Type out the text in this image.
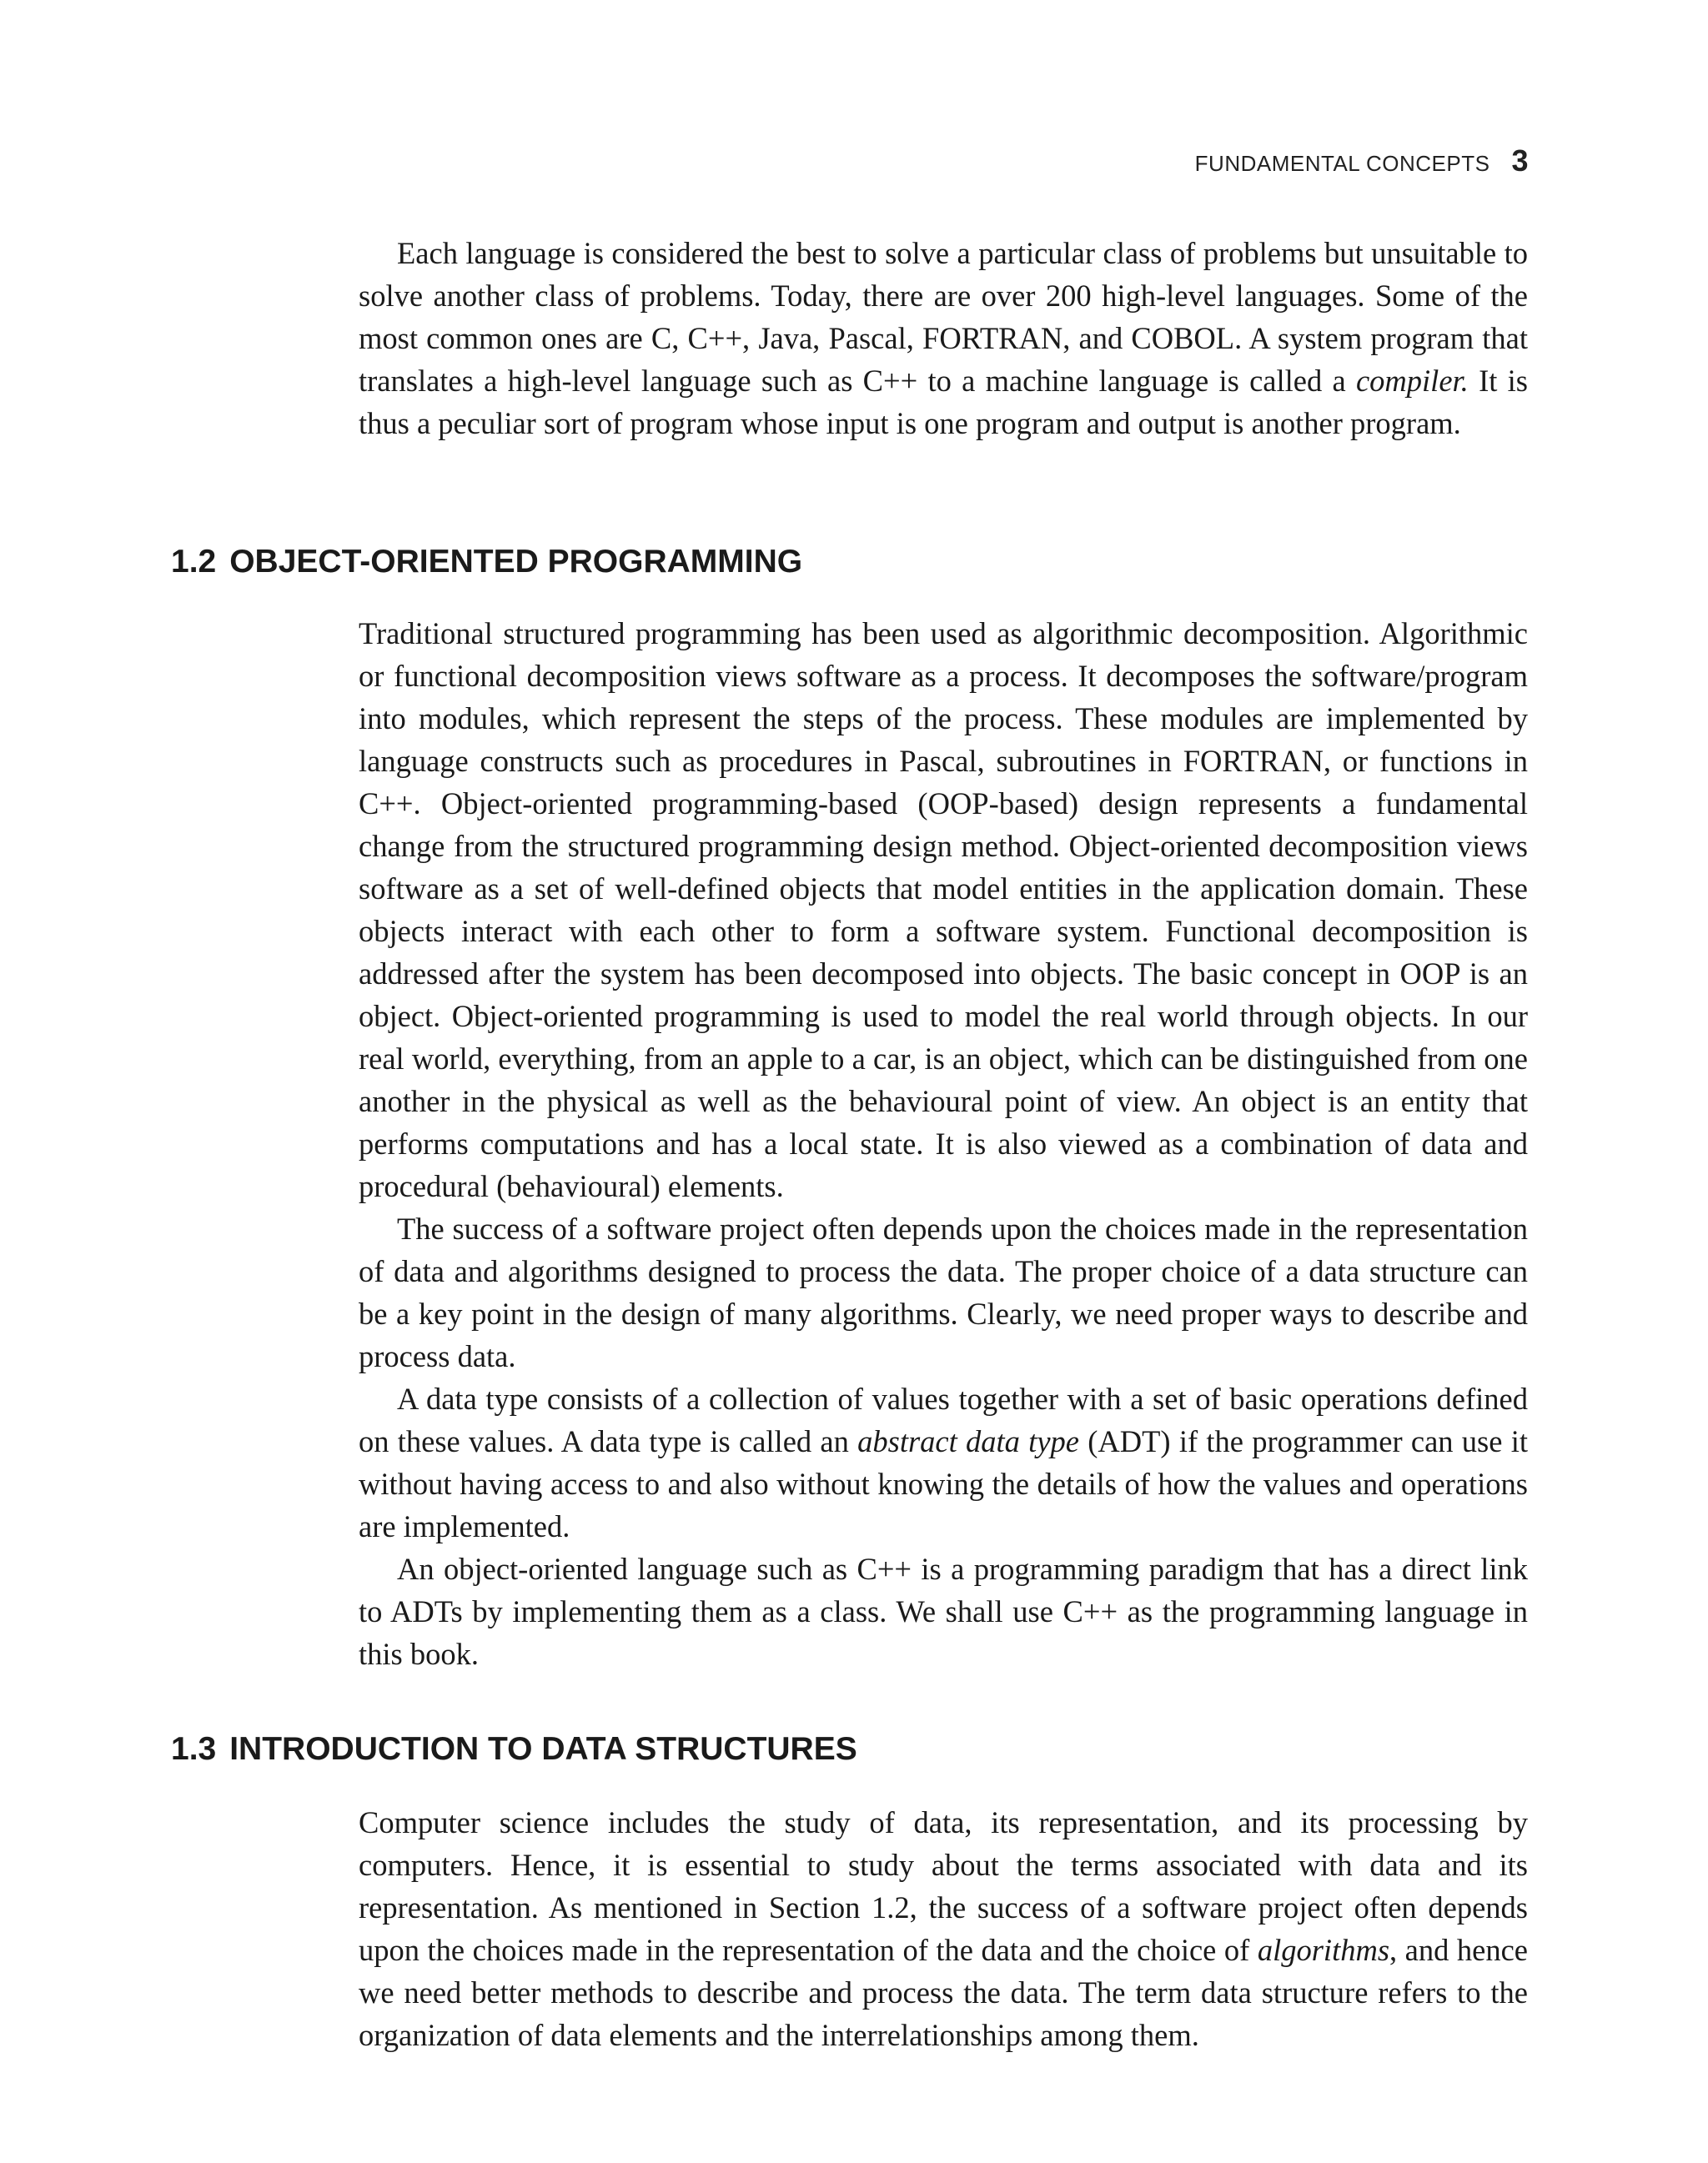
FUNDAMENTAL CONCEPTS 3

Each language is considered the best to solve a particular class of problems but unsuitable to solve another class of problems. Today, there are over 200 high-level languages. Some of the most common ones are C, C++, Java, Pascal, FORTRAN, and COBOL. A system program that translates a high-level language such as C++ to a machine language is called a compiler. It is thus a peculiar sort of program whose input is one program and output is another program.

1.2 OBJECT-ORIENTED PROGRAMMING

Traditional structured programming has been used as algorithmic decomposition. Algorithmic or functional decomposition views software as a process. It decomposes the software/program into modules, which represent the steps of the process. These modules are implemented by language constructs such as procedures in Pascal, subroutines in FORTRAN, or functions in C++. Object-oriented programming-based (OOP-based) design represents a fundamental change from the structured programming design method. Object-oriented decomposition views software as a set of well-defined objects that model entities in the application domain. These objects interact with each other to form a software system. Functional decomposition is addressed after the system has been decomposed into objects. The basic concept in OOP is an object. Object-oriented programming is used to model the real world through objects. In our real world, everything, from an apple to a car, is an object, which can be distinguished from one another in the physical as well as the behavioural point of view. An object is an entity that performs computations and has a local state. It is also viewed as a combination of data and procedural (behavioural) elements.

The success of a software project often depends upon the choices made in the representation of data and algorithms designed to process the data. The proper choice of a data structure can be a key point in the design of many algorithms. Clearly, we need proper ways to describe and process data.

A data type consists of a collection of values together with a set of basic operations defined on these values. A data type is called an abstract data type (ADT) if the programmer can use it without having access to and also without knowing the details of how the values and operations are implemented.

An object-oriented language such as C++ is a programming paradigm that has a direct link to ADTs by implementing them as a class. We shall use C++ as the programming language in this book.

1.3 INTRODUCTION TO DATA STRUCTURES

Computer science includes the study of data, its representation, and its processing by computers. Hence, it is essential to study about the terms associated with data and its representation. As mentioned in Section 1.2, the success of a software project often depends upon the choices made in the representation of the data and the choice of algorithms, and hence we need better methods to describe and process the data. The term data structure refers to the organization of data elements and the interrelationships among them.
